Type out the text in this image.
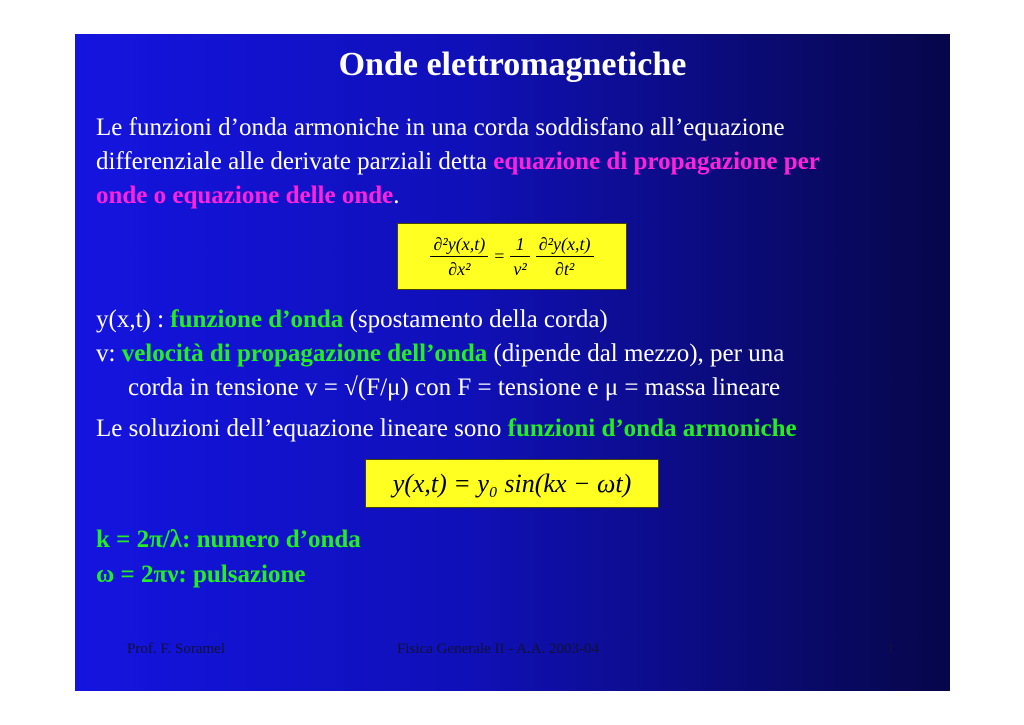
Onde elettromagnetiche
Le funzioni d’onda armoniche in una corda soddisfano all’equazione
differenziale alle derivate parziali detta equazione di propagazione per
onde o equazione delle onde.
$\frac{\text{∂²y(x,t)}}{\text{∂x²}} = \frac{1}{\text{v²}} \frac{\text{∂²y(x,t)}}{\text{∂t²}}$
y(x,t) : funzione d’onda (spostamento della corda)
v: velocità di propagazione dell’onda (dipende dal mezzo), per una
corda in tensione v = √(F/μ) con F = tensione e μ = massa lineare
Le soluzioni dell’equazione lineare sono funzioni d’onda armoniche
y(x,t) = y₀ sin(kx − ωt)
k = 2π/λ: numero d’onda
ω = 2πν: pulsazione
Prof. F. Soramel	Fisica Generale II - A.A. 2003-04	1
